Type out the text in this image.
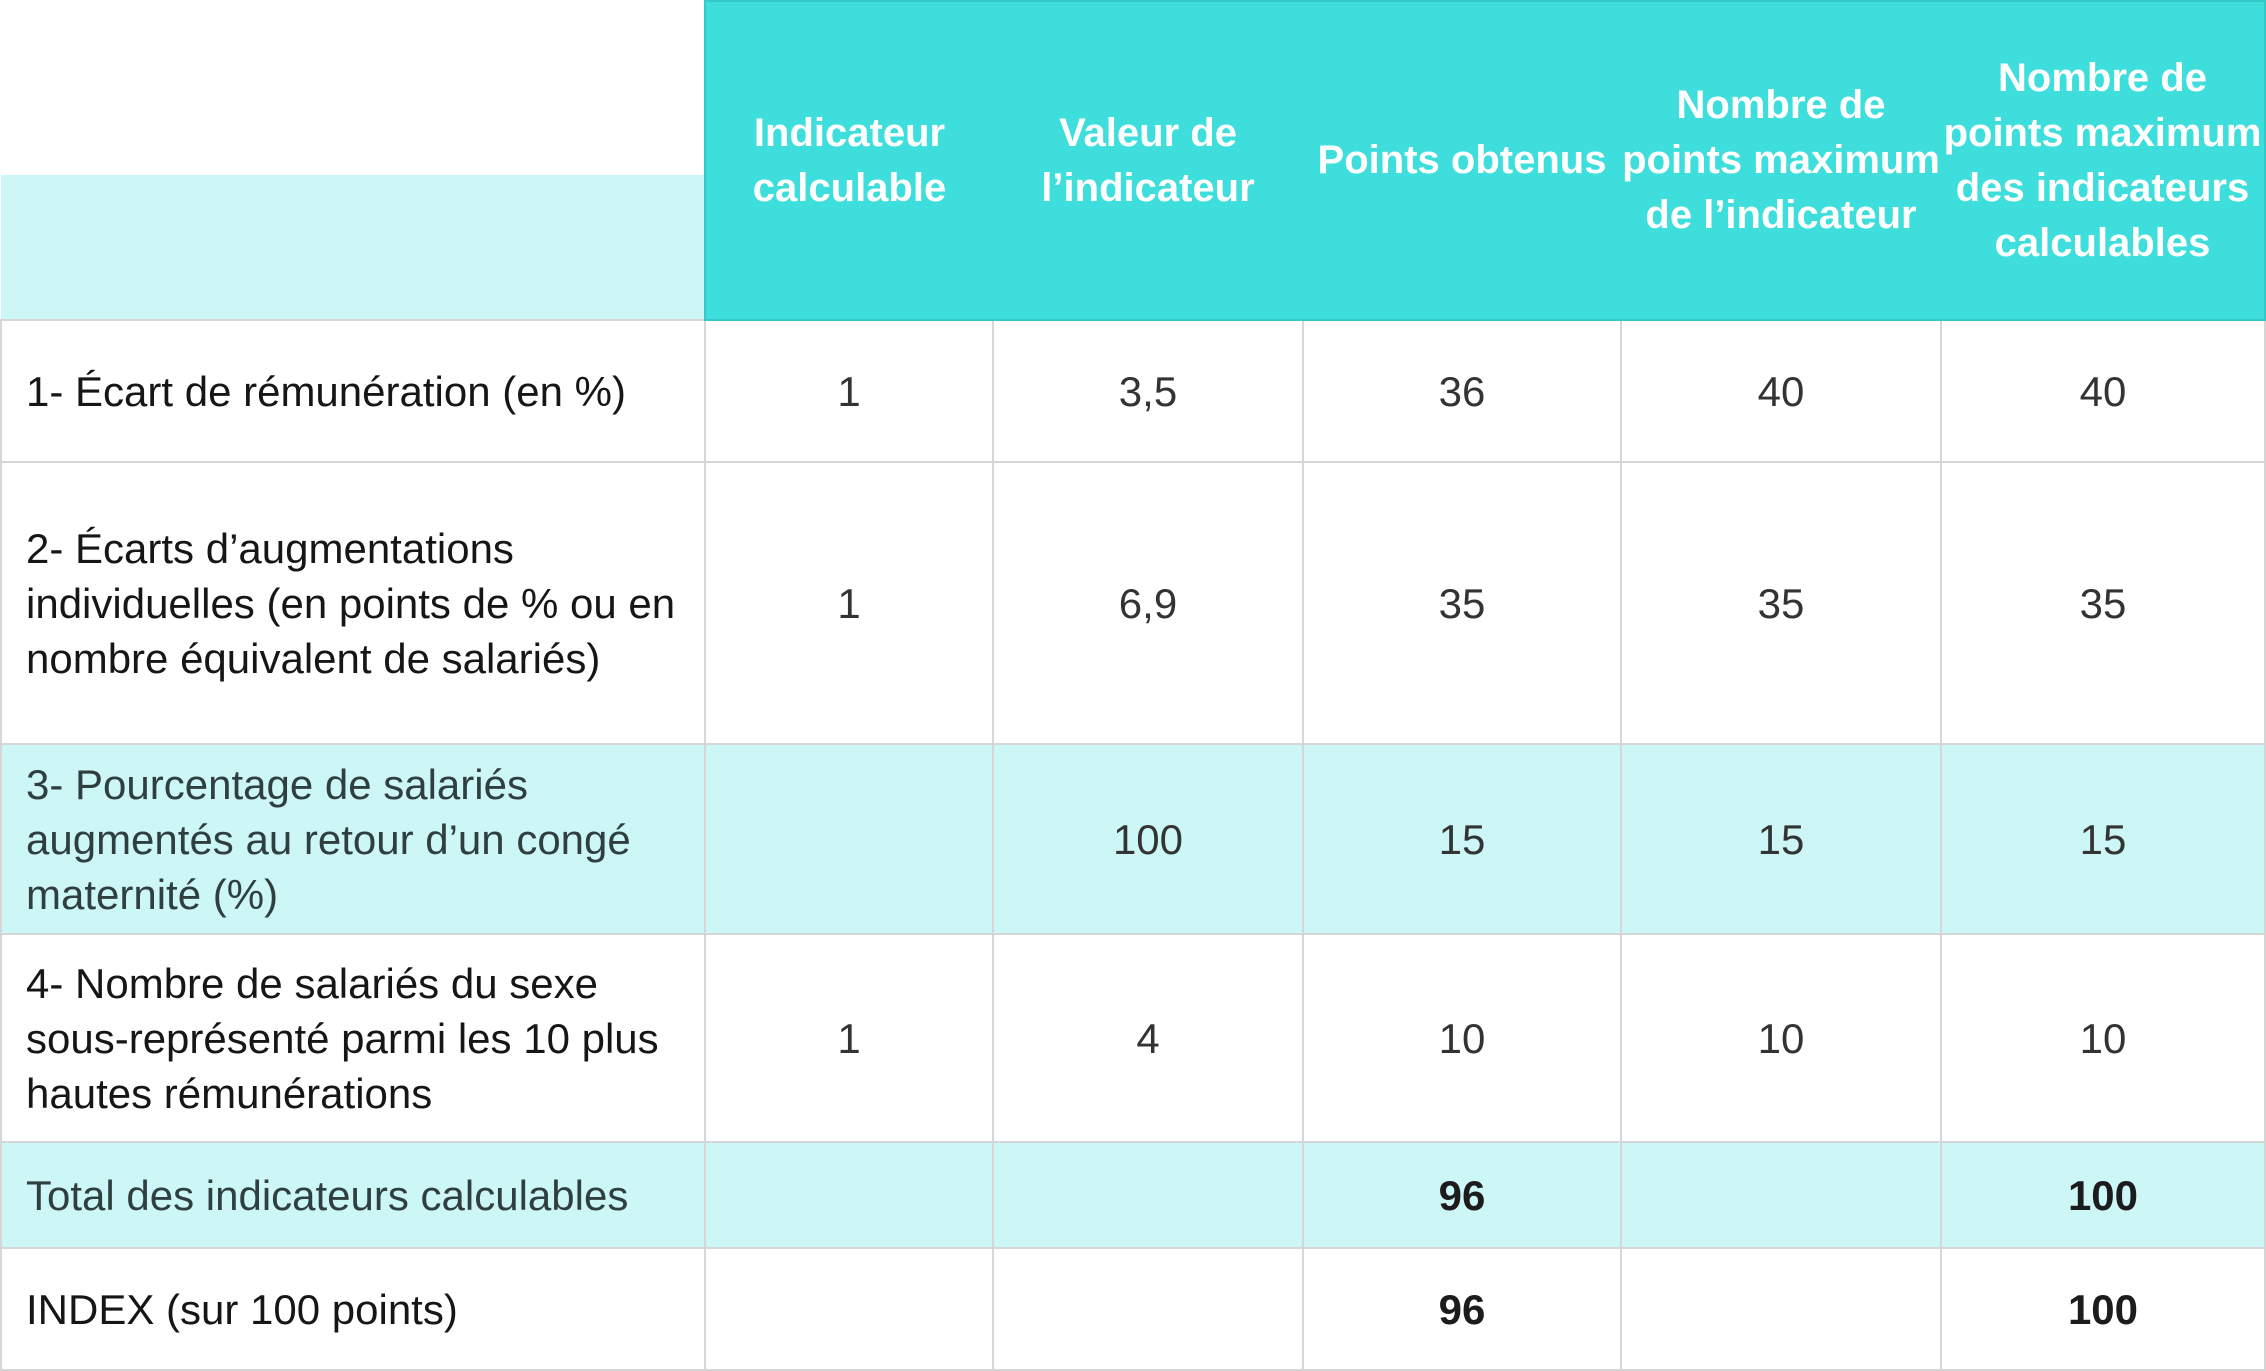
	Indicateur calculable	Valeur de l’indicateur	Points obtenus	Nombre de points maximum de l’indicateur	Nombre de points maximum des indicateurs calculables
1- Écart de rémunération (en %)	1	3,5	36	40	40
2- Écarts d’augmentations individuelles (en points de % ou en nombre équivalent de salariés)	1	6,9	35	35	35
3- Pourcentage de salariés augmentés au retour d’un congé maternité (%)		100	15	15	15
4- Nombre de salariés du sexe sous-représenté parmi les 10 plus hautes rémunérations	1	4	10	10	10
Total des indicateurs calculables			96		100
INDEX (sur 100 points)			96		100
